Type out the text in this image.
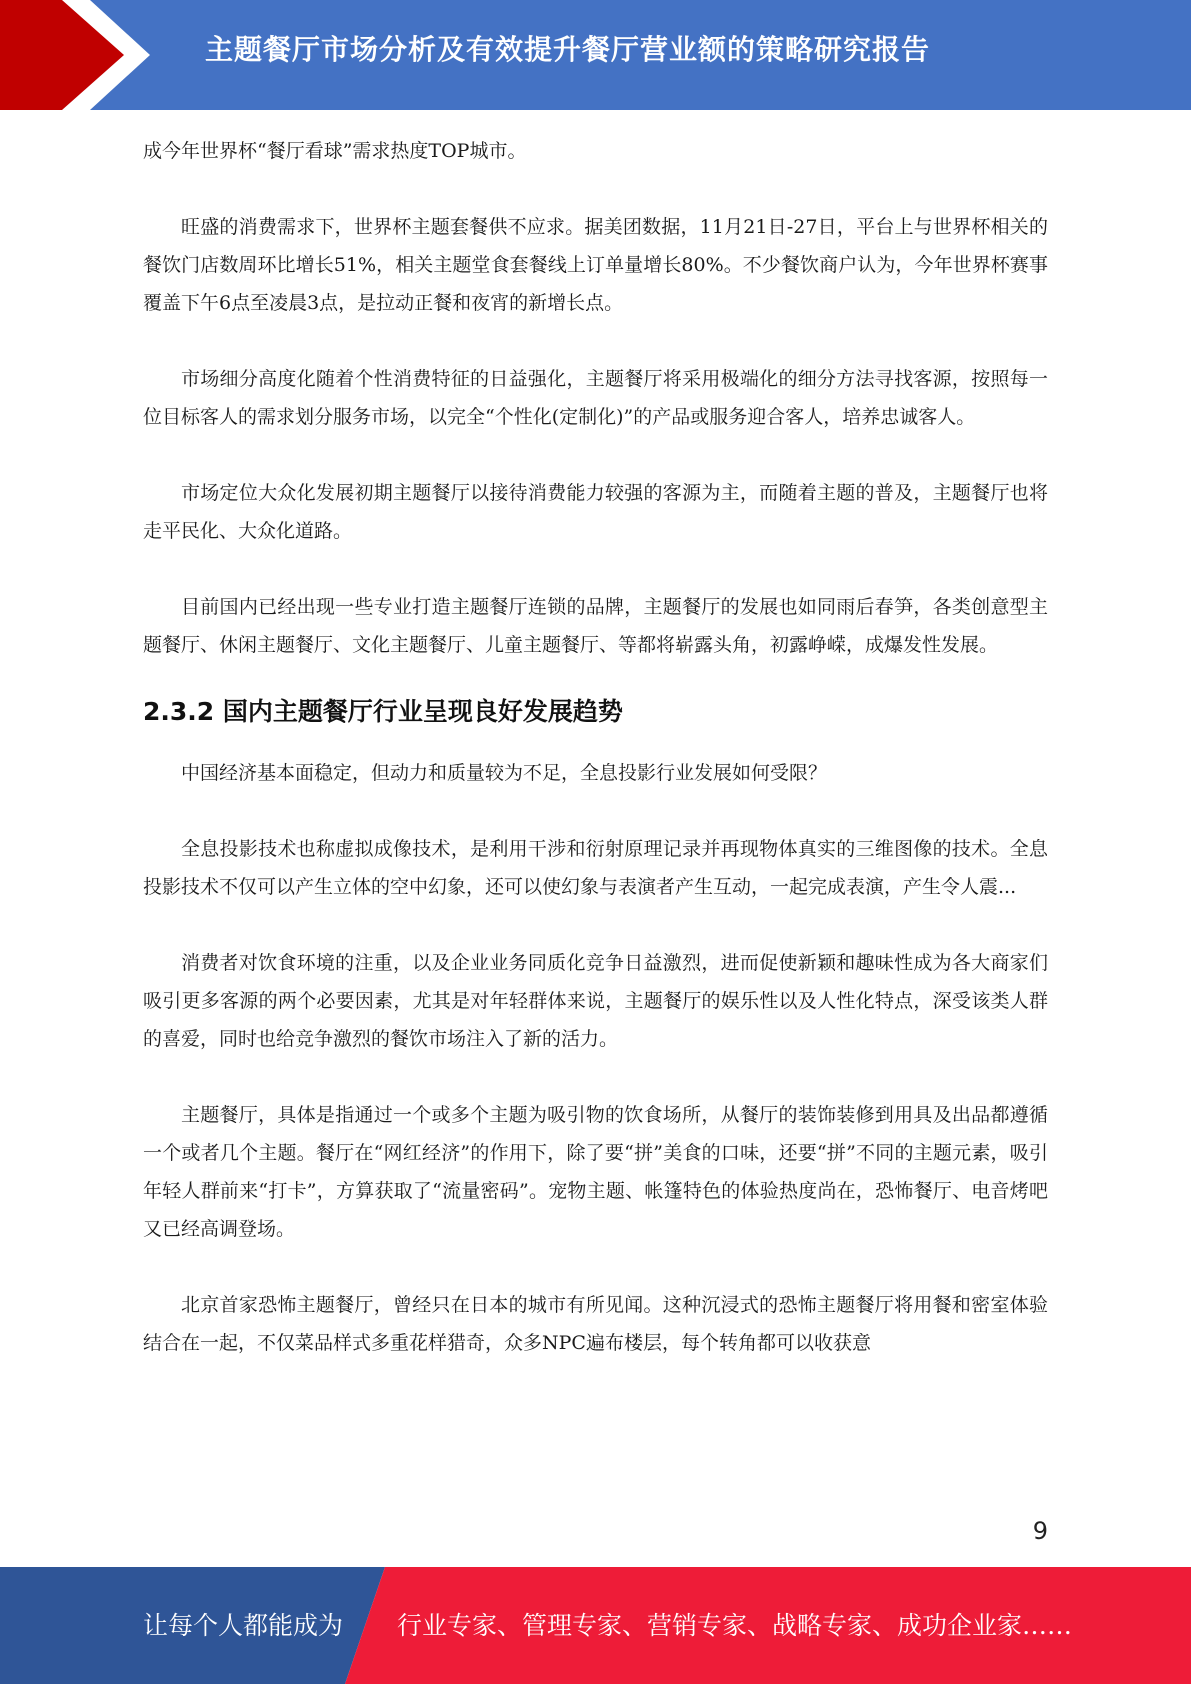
主题餐厅市场分析及有效提升餐厅营业额的策略研究报告

成今年世界杯“餐厅看球”需求热度TOP城市。

旺盛的消费需求下，世界杯主题套餐供不应求。据美团数据，11月21日-27日，平台上与世界杯相关的餐饮门店数周环比增长51%，相关主题堂食套餐线上订单量增长80%。不少餐饮商户认为，今年世界杯赛事覆盖下午6点至凌晨3点，是拉动正餐和夜宵的新增长点。

市场细分高度化随着个性消费特征的日益强化，主题餐厅将采用极端化的细分方法寻找客源，按照每一位目标客人的需求划分服务市场，以完全“个性化(定制化)”的产品或服务迎合客人，培养忠诚客人。

市场定位大众化发展初期主题餐厅以接待消费能力较强的客源为主，而随着主题的普及，主题餐厅也将走平民化、大众化道路。

目前国内已经出现一些专业打造主题餐厅连锁的品牌，主题餐厅的发展也如同雨后春笋，各类创意型主题餐厅、休闲主题餐厅、文化主题餐厅、儿童主题餐厅、等都将崭露头角，初露峥嵘，成爆发性发展。

2.3.2 国内主题餐厅行业呈现良好发展趋势

中国经济基本面稳定，但动力和质量较为不足，全息投影行业发展如何受限？

全息投影技术也称虚拟成像技术，是利用干涉和衍射原理记录并再现物体真实的三维图像的技术。全息投影技术不仅可以产生立体的空中幻象，还可以使幻象与表演者产生互动，一起完成表演，产生令人震...

消费者对饮食环境的注重，以及企业业务同质化竞争日益激烈，进而促使新颖和趣味性成为各大商家们吸引更多客源的两个必要因素，尤其是对年轻群体来说，主题餐厅的娱乐性以及人性化特点，深受该类人群的喜爱，同时也给竞争激烈的餐饮市场注入了新的活力。

主题餐厅，具体是指通过一个或多个主题为吸引物的饮食场所，从餐厅的装饰装修到用具及出品都遵循一个或者几个主题。餐厅在“网红经济”的作用下，除了要“拼”美食的口味，还要“拼”不同的主题元素，吸引年轻人群前来“打卡”，方算获取了“流量密码”。宠物主题、帐篷特色的体验热度尚在，恐怖餐厅、电音烤吧又已经高调登场。

北京首家恐怖主题餐厅，曾经只在日本的城市有所见闻。这种沉浸式的恐怖主题餐厅将用餐和密室体验结合在一起，不仅菜品样式多重花样猎奇，众多NPC遍布楼层，每个转角都可以收获意

9
让每个人都能成为 行业专家、管理专家、营销专家、战略专家、成功企业家……
